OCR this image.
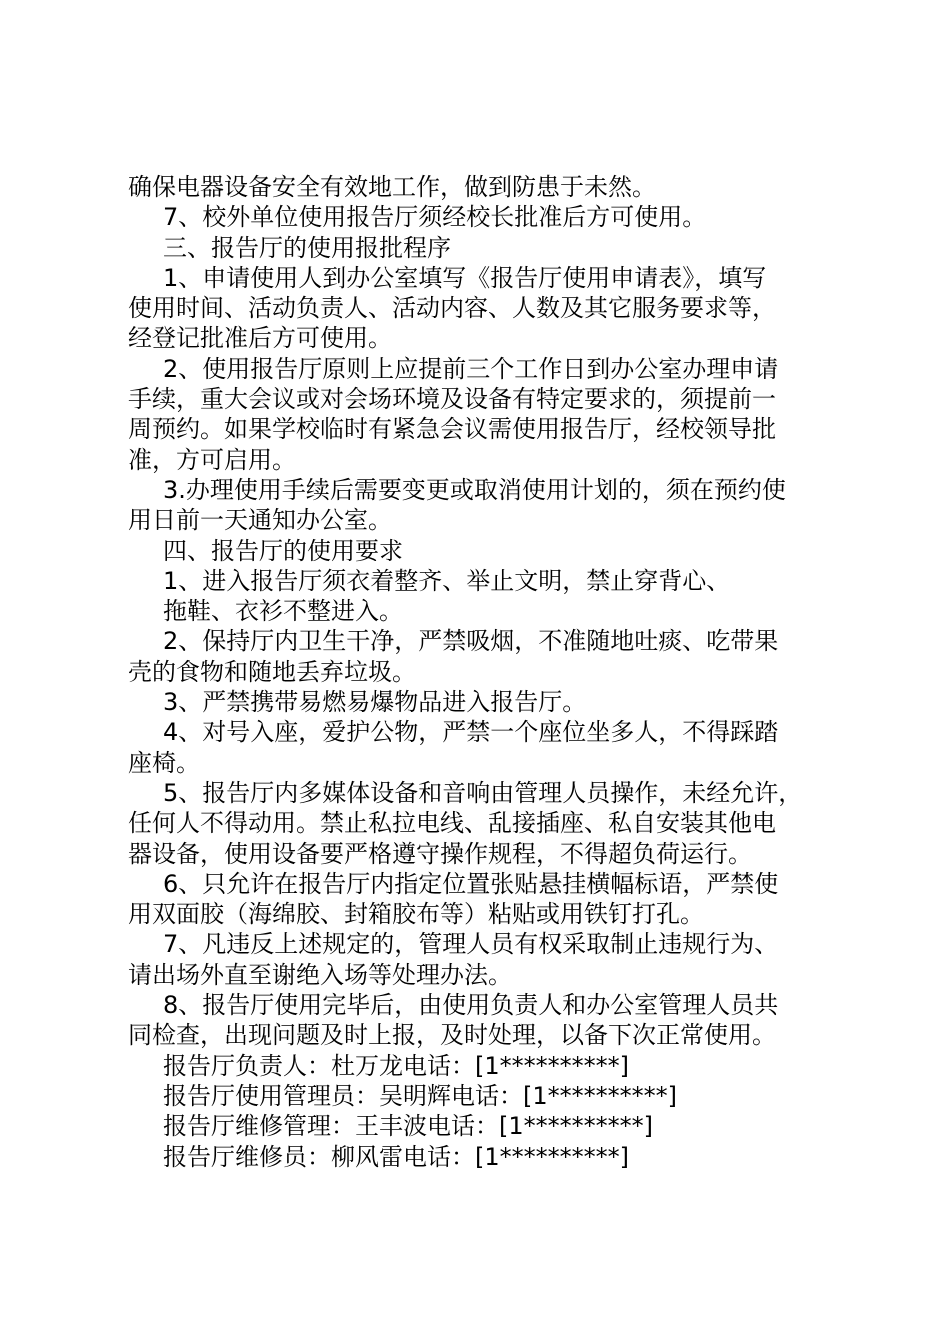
确保电器设备安全有效地工作，做到防患于未然。
7、校外单位使用报告厅须经校长批准后方可使用。
三、报告厅的使用报批程序
1、申请使用人到办公室填写《报告厅使用申请表》，填写
使用时间、活动负责人、活动内容、人数及其它服务要求等，
经登记批准后方可使用。
2、使用报告厅原则上应提前三个工作日到办公室办理申请
手续，重大会议或对会场环境及设备有特定要求的，须提前一
周预约。如果学校临时有紧急会议需使用报告厅，经校领导批
准，方可启用。
3.办理使用手续后需要变更或取消使用计划的，须在预约使
用日前一天通知办公室。
四、报告厅的使用要求
1、进入报告厅须衣着整齐、举止文明，禁止穿背心、
拖鞋、衣衫不整进入。
2、保持厅内卫生干净，严禁吸烟，不准随地吐痰、吃带果
壳的食物和随地丢弃垃圾。
3、严禁携带易燃易爆物品进入报告厅。
4、对号入座，爱护公物，严禁一个座位坐多人，不得踩踏
座椅。
5、报告厅内多媒体设备和音响由管理人员操作，未经允许，
任何人不得动用。禁止私拉电线、乱接插座、私自安装其他电
器设备，使用设备要严格遵守操作规程，不得超负荷运行。
6、只允许在报告厅内指定位置张贴悬挂横幅标语，严禁使
用双面胶（海绵胶、封箱胶布等）粘贴或用铁钉打孔。
7、凡违反上述规定的，管理人员有权采取制止违规行为、
请出场外直至谢绝入场等处理办法。
8、报告厅使用完毕后，由使用负责人和办公室管理人员共
同检查，出现问题及时上报，及时处理，以备下次正常使用。
报告厅负责人：杜万龙电话：[1**********]
报告厅使用管理员：吴明辉电话：[1**********]
报告厅维修管理：王丰波电话：[1**********]
报告厅维修员：柳风雷电话：[1**********]
